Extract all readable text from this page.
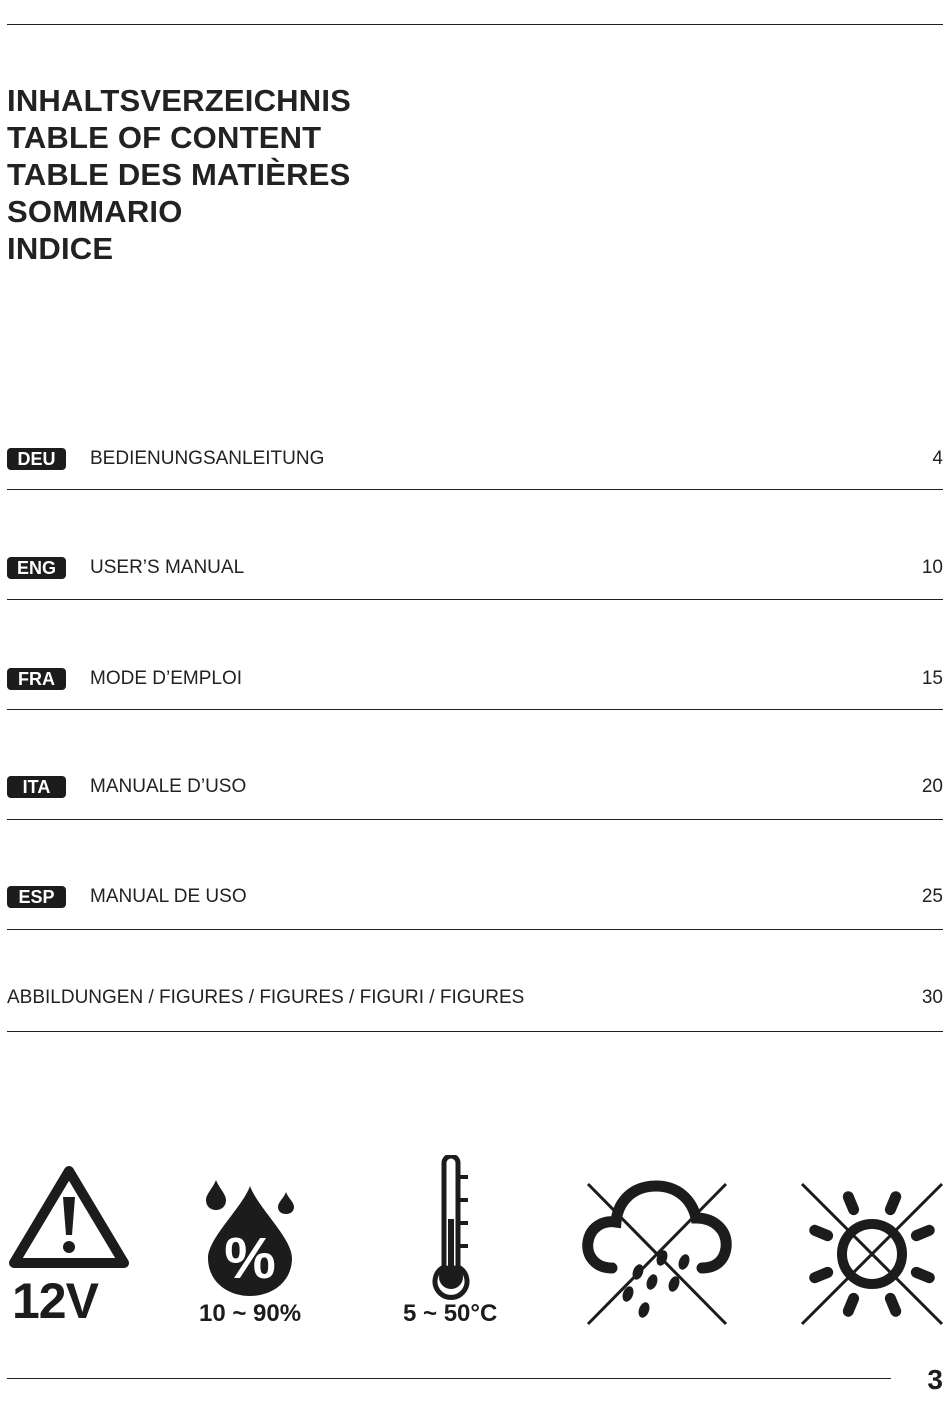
INHALTSVERZEICHNIS
TABLE OF CONTENT
TABLE DES MATIÈRES
SOMMARIO
INDICE
DEU	BEDIENUNGSANLEITUNG	4
ENG	USER’S MANUAL	10
FRA	MODE D’EMPLOI	15
ITA	MANUALE D’USO	20
ESP	MANUAL DE USO	25
ABBILDUNGEN / FIGURES / FIGURES / FIGURI / FIGURES	30
12V
%
10 ~ 90%	5 ~ 50°C
3
